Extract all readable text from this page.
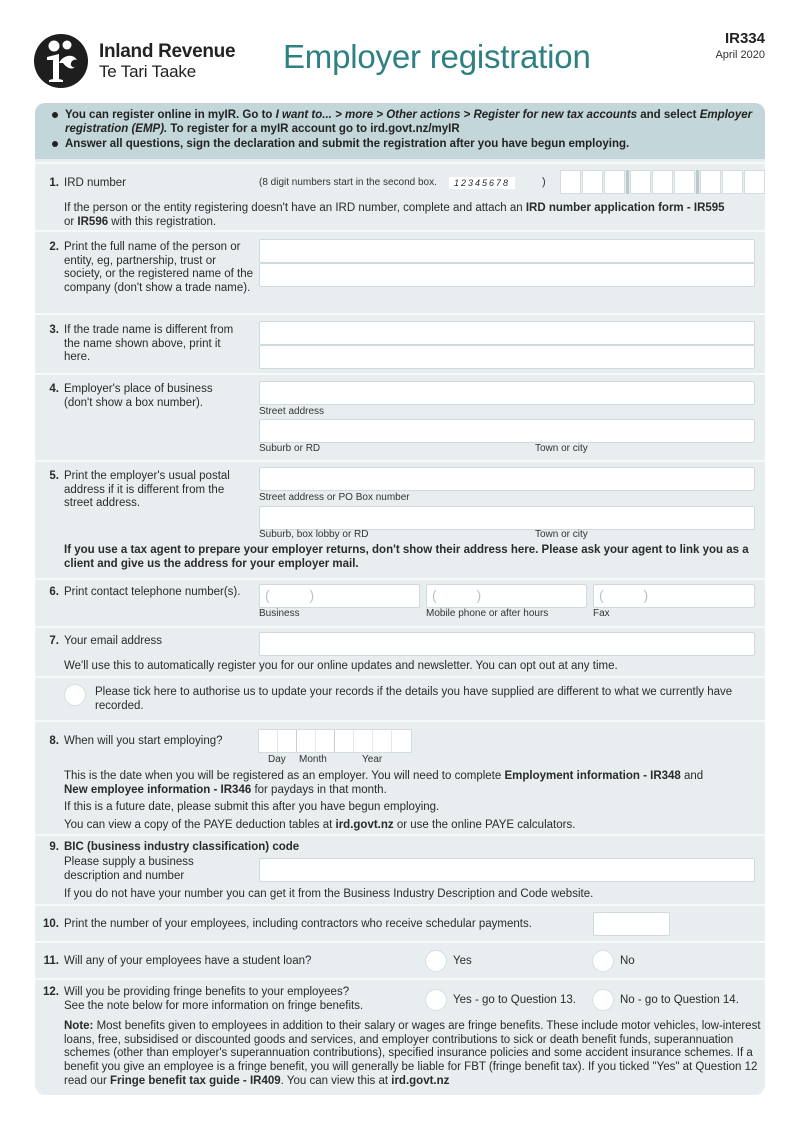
Inland Revenue
Te Tari Taake	Employer registration	IR334
April 2020
You can register online in myIR. Go to I want to... > more > Other actions > Register for new tax accounts and select Employer registration (EMP). To register for a myIR account go to ird.govt.nz/myIR
Answer all questions, sign the declaration and submit the registration after you have begun employing.
1. IRD number	(8 digit numbers start in the second box.	12345678	)
If the person or the entity registering doesn't have an IRD number, complete and attach an IRD number application form - IR595
or IR596 with this registration.
2. Print the full name of the person or entity, eg, partnership, trust or society, or the registered name of the company (don't show a trade name).
3. If the trade name is different from the name shown above, print it here.
4. Employer's place of business (don't show a box number).
Street address
Suburb or RD	Town or city
5. Print the employer's usual postal address if it is different from the street address.	Street address or PO Box number
Suburb, box lobby or RD	Town or city
If you use a tax agent to prepare your employer returns, don't show their address here. Please ask your agent to link you as a client and give us the address for your employer mail.
6. Print contact telephone number(s). ( )
Business
( )
Mobile phone or after hours
( )
Fax
7. Your email address
We'll use this to automatically register you for our online updates and newsletter. You can opt out at any time.
Please tick here to authorise us to update your records if the details you have supplied are different to what we currently have recorded.
8. When will you start employing?
Day Month	Year
This is the date when you will be registered as an employer. You will need to complete Employment information - IR348 and
New employee information - IR346 for paydays in that month.
If this is a future date, please submit this after you have begun employing.
You can view a copy of the PAYE deduction tables at ird.govt.nz or use the online PAYE calculators.
9. BIC (business industry classification) code
Please supply a business description and number
If you do not have your number you can get it from the Business Industry Description and Code website.
10. Print the number of your employees, including contractors who receive schedular payments.
11. Will any of your employees have a student loan?	Yes	No
12. Will you be providing fringe benefits to your employees?
See the note below for more information on fringe benefits.	Yes - go to Question 13.	No - go to Question 14.
Note: Most benefits given to employees in addition to their salary or wages are fringe benefits. These include motor vehicles, low-interest loans, free, subsidised or discounted goods and services, and employer contributions to sick or death benefit funds, superannuation schemes (other than employer's superannuation contributions), specified insurance policies and some accident insurance schemes. If a benefit you give an employee is a fringe benefit, you will generally be liable for FBT (fringe benefit tax). If you ticked "Yes" at Question 12 read our Fringe benefit tax guide - IR409. You can view this at ird.govt.nz
